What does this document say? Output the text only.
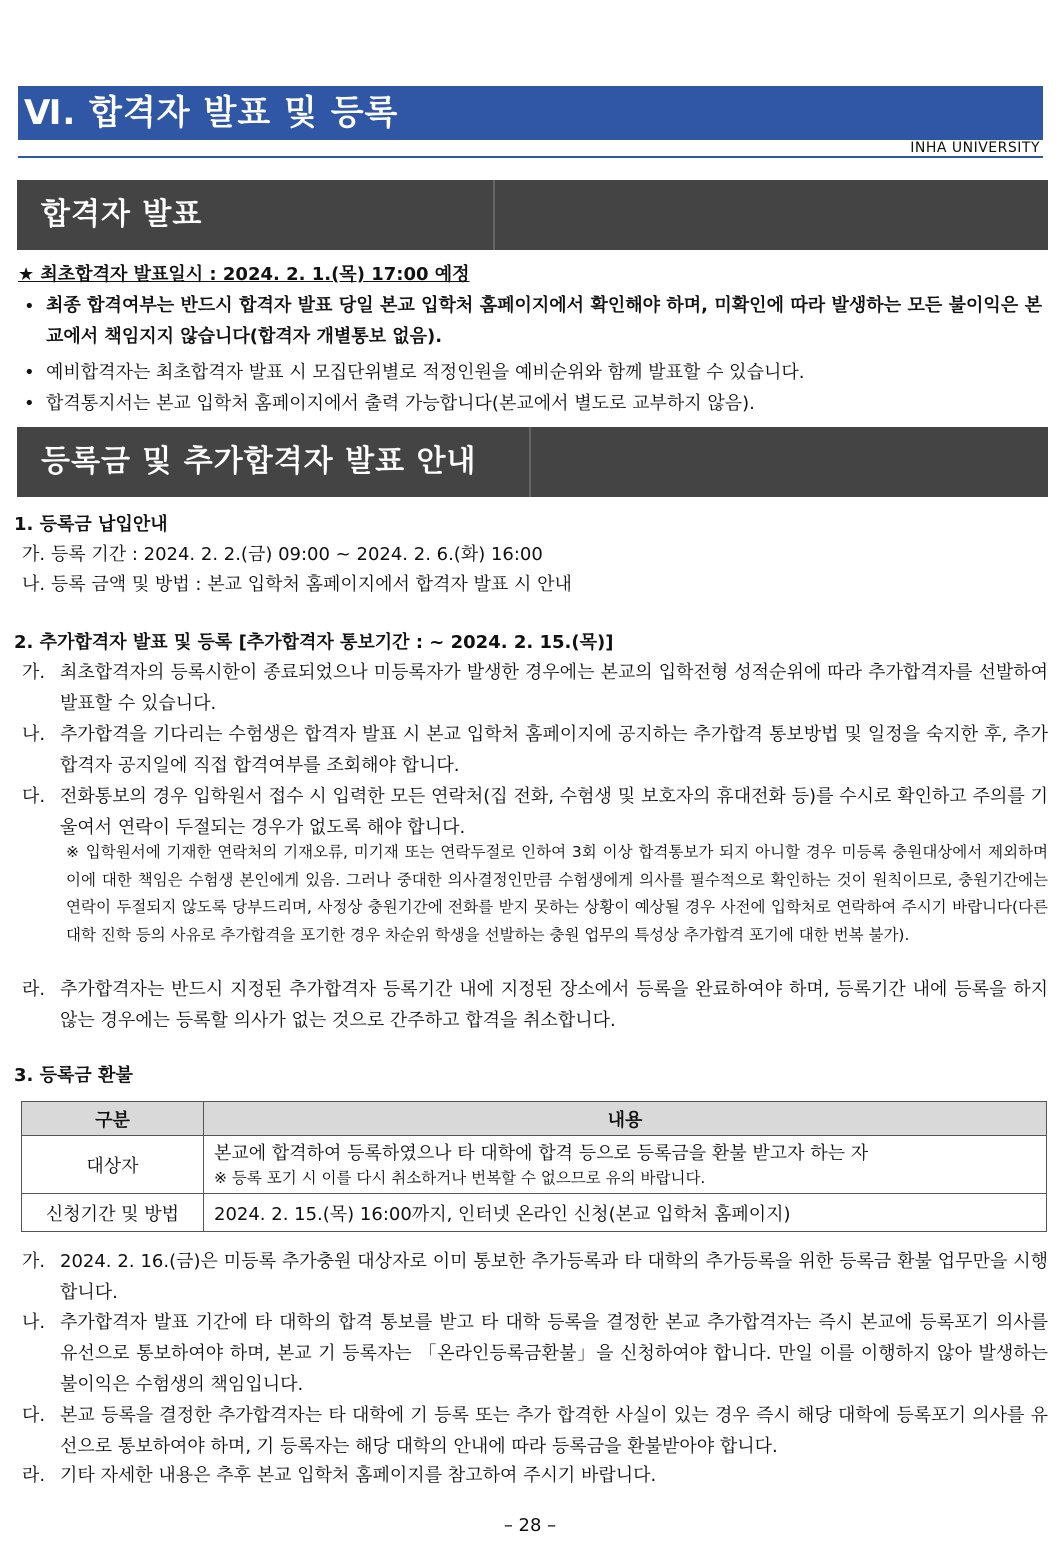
Ⅵ. 합격자 발표 및 등록
INHA UNIVERSITY
합격자 발표
★ 최초합격자 발표일시 : 2024. 2. 1.(목) 17:00 예정
• 최종 합격여부는 반드시 합격자 발표 당일 본교 입학처 홈페이지에서 확인해야 하며, 미확인에 따라 발생하는 모든 불이익은 본교에서 책임지지 않습니다(합격자 개별통보 없음).
• 예비합격자는 최초합격자 발표 시 모집단위별로 적정인원을 예비순위와 함께 발표할 수 있습니다.
• 합격통지서는 본교 입학처 홈페이지에서 출력 가능합니다(본교에서 별도로 교부하지 않음).
등록금 및 추가합격자 발표 안내
1. 등록금 납입안내
가. 등록 기간 : 2024. 2. 2.(금) 09:00 ~ 2024. 2. 6.(화) 16:00
나. 등록 금액 및 방법 : 본교 입학처 홈페이지에서 합격자 발표 시 안내
2. 추가합격자 발표 및 등록 [추가합격자 통보기간 : ~ 2024. 2. 15.(목)]
가. 최초합격자의 등록시한이 종료되었으나 미등록자가 발생한 경우에는 본교의 입학전형 성적순위에 따라 추가합격자를 선발하여 발표할 수 있습니다.
나. 추가합격을 기다리는 수험생은 합격자 발표 시 본교 입학처 홈페이지에 공지하는 추가합격 통보방법 및 일정을 숙지한 후, 추가합격자 공지일에 직접 합격여부를 조회해야 합니다.
다. 전화통보의 경우 입학원서 접수 시 입력한 모든 연락처(집 전화, 수험생 및 보호자의 휴대전화 등)를 수시로 확인하고 주의를 기울여서 연락이 두절되는 경우가 없도록 해야 합니다.
※ 입학원서에 기재한 연락처의 기재오류, 미기재 또는 연락두절로 인하여 3회 이상 합격통보가 되지 아니할 경우 미등록 충원대상에서 제외하며 이에 대한 책임은 수험생 본인에게 있음. 그러나 중대한 의사결정인만큼 수험생에게 의사를 필수적으로 확인하는 것이 원칙이므로, 충원기간에는 연락이 두절되지 않도록 당부드리며, 사정상 충원기간에 전화를 받지 못하는 상황이 예상될 경우 사전에 입학처로 연락하여 주시기 바랍니다(다른 대학 진학 등의 사유로 추가합격을 포기한 경우 차순위 학생을 선발하는 충원 업무의 특성상 추가합격 포기에 대한 번복 불가).
라. 추가합격자는 반드시 지정된 추가합격자 등록기간 내에 지정된 장소에서 등록을 완료하여야 하며, 등록기간 내에 등록을 하지 않는 경우에는 등록할 의사가 없는 것으로 간주하고 합격을 취소합니다.
3. 등록금 환불
구분	내용
대상자	본교에 합격하여 등록하였으나 타 대학에 합격 등으로 등록금을 환불 받고자 하는 자
※ 등록 포기 시 이를 다시 취소하거나 번복할 수 없으므로 유의 바랍니다.

신청기간 및 방법	2024. 2. 15.(목) 16:00까지, 인터넷 온라인 신청(본교 입학처 홈페이지)
가. 2024. 2. 16.(금)은 미등록 추가충원 대상자로 이미 통보한 추가등록과 타 대학의 추가등록을 위한 등록금 환불 업무만을 시행합니다.
나. 추가합격자 발표 기간에 타 대학의 합격 통보를 받고 타 대학 등록을 결정한 본교 추가합격자는 즉시 본교에 등록포기 의사를 유선으로 통보하여야 하며, 본교 기 등록자는 「온라인등록금환불」을 신청하여야 합니다. 만일 이를 이행하지 않아 발생하는 불이익은 수험생의 책임입니다.
다. 본교 등록을 결정한 추가합격자는 타 대학에 기 등록 또는 추가 합격한 사실이 있는 경우 즉시 해당 대학에 등록포기 의사를 유선으로 통보하여야 하며, 기 등록자는 해당 대학의 안내에 따라 등록금을 환불받아야 합니다.
라. 기타 자세한 내용은 추후 본교 입학처 홈페이지를 참고하여 주시기 바랍니다.
– 28 –
